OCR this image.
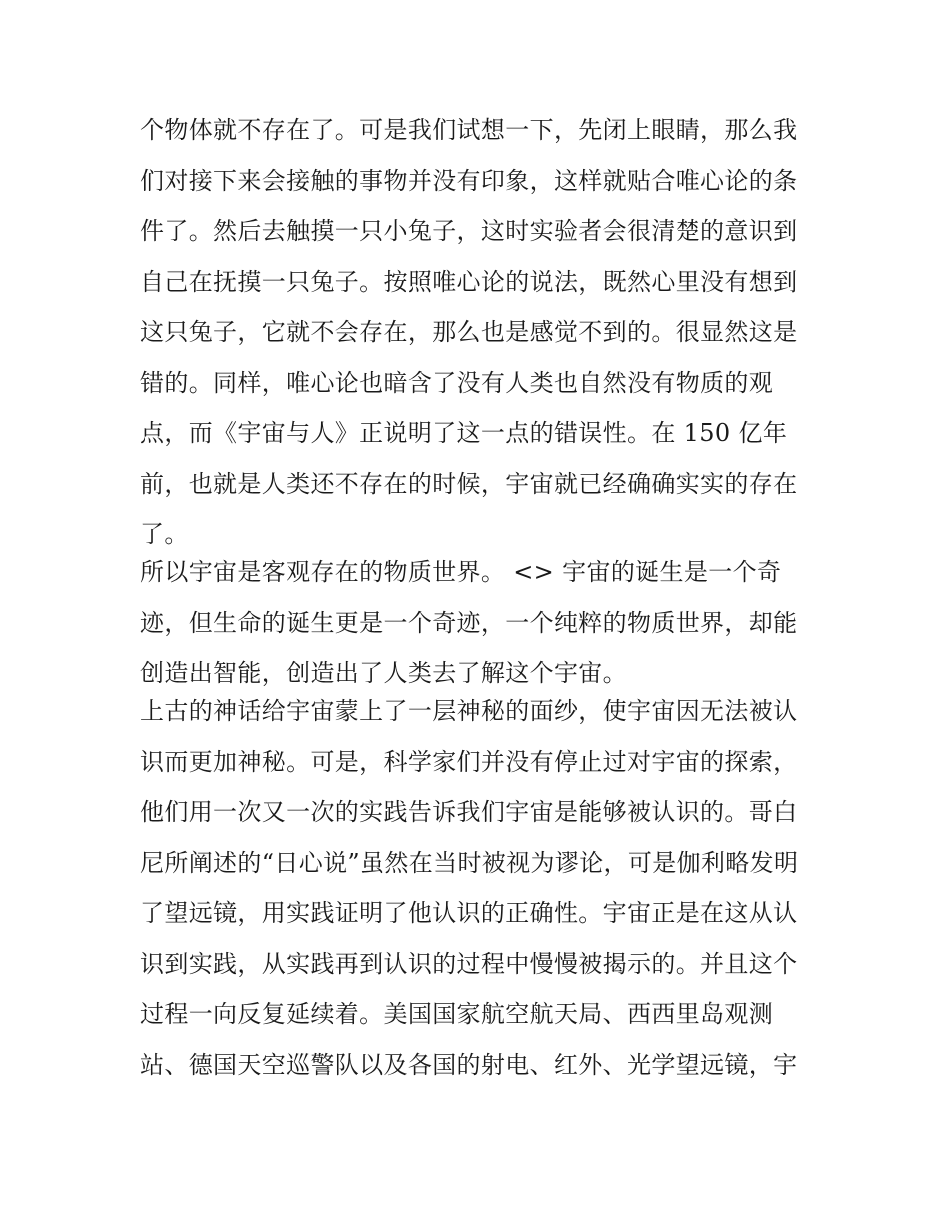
个物体就不存在了。可是我们试想一下，先闭上眼睛，那么我
们对接下来会接触的事物并没有印象，这样就贴合唯心论的条
件了。然后去触摸一只小兔子，这时实验者会很清楚的意识到
自己在抚摸一只兔子。按照唯心论的说法，既然心里没有想到
这只兔子，它就不会存在，那么也是感觉不到的。很显然这是
错的。同样，唯心论也暗含了没有人类也自然没有物质的观
点，而《宇宙与人》正说明了这一点的错误性。在 150 亿年
前，也就是人类还不存在的时候，宇宙就已经确确实实的存在
了。
所以宇宙是客观存在的物质世界。 <> 宇宙的诞生是一个奇
迹，但生命的诞生更是一个奇迹，一个纯粹的物质世界，却能
创造出智能，创造出了人类去了解这个宇宙。
上古的神话给宇宙蒙上了一层神秘的面纱，使宇宙因无法被认
识而更加神秘。可是，科学家们并没有停止过对宇宙的探索，
他们用一次又一次的实践告诉我们宇宙是能够被认识的。哥白
尼所阐述的“日心说”虽然在当时被视为谬论，可是伽利略发明
了望远镜，用实践证明了他认识的正确性。宇宙正是在这从认
识到实践，从实践再到认识的过程中慢慢被揭示的。并且这个
过程一向反复延续着。美国国家航空航天局、西西里岛观测
站、德国天空巡警队以及各国的射电、红外、光学望远镜，宇
